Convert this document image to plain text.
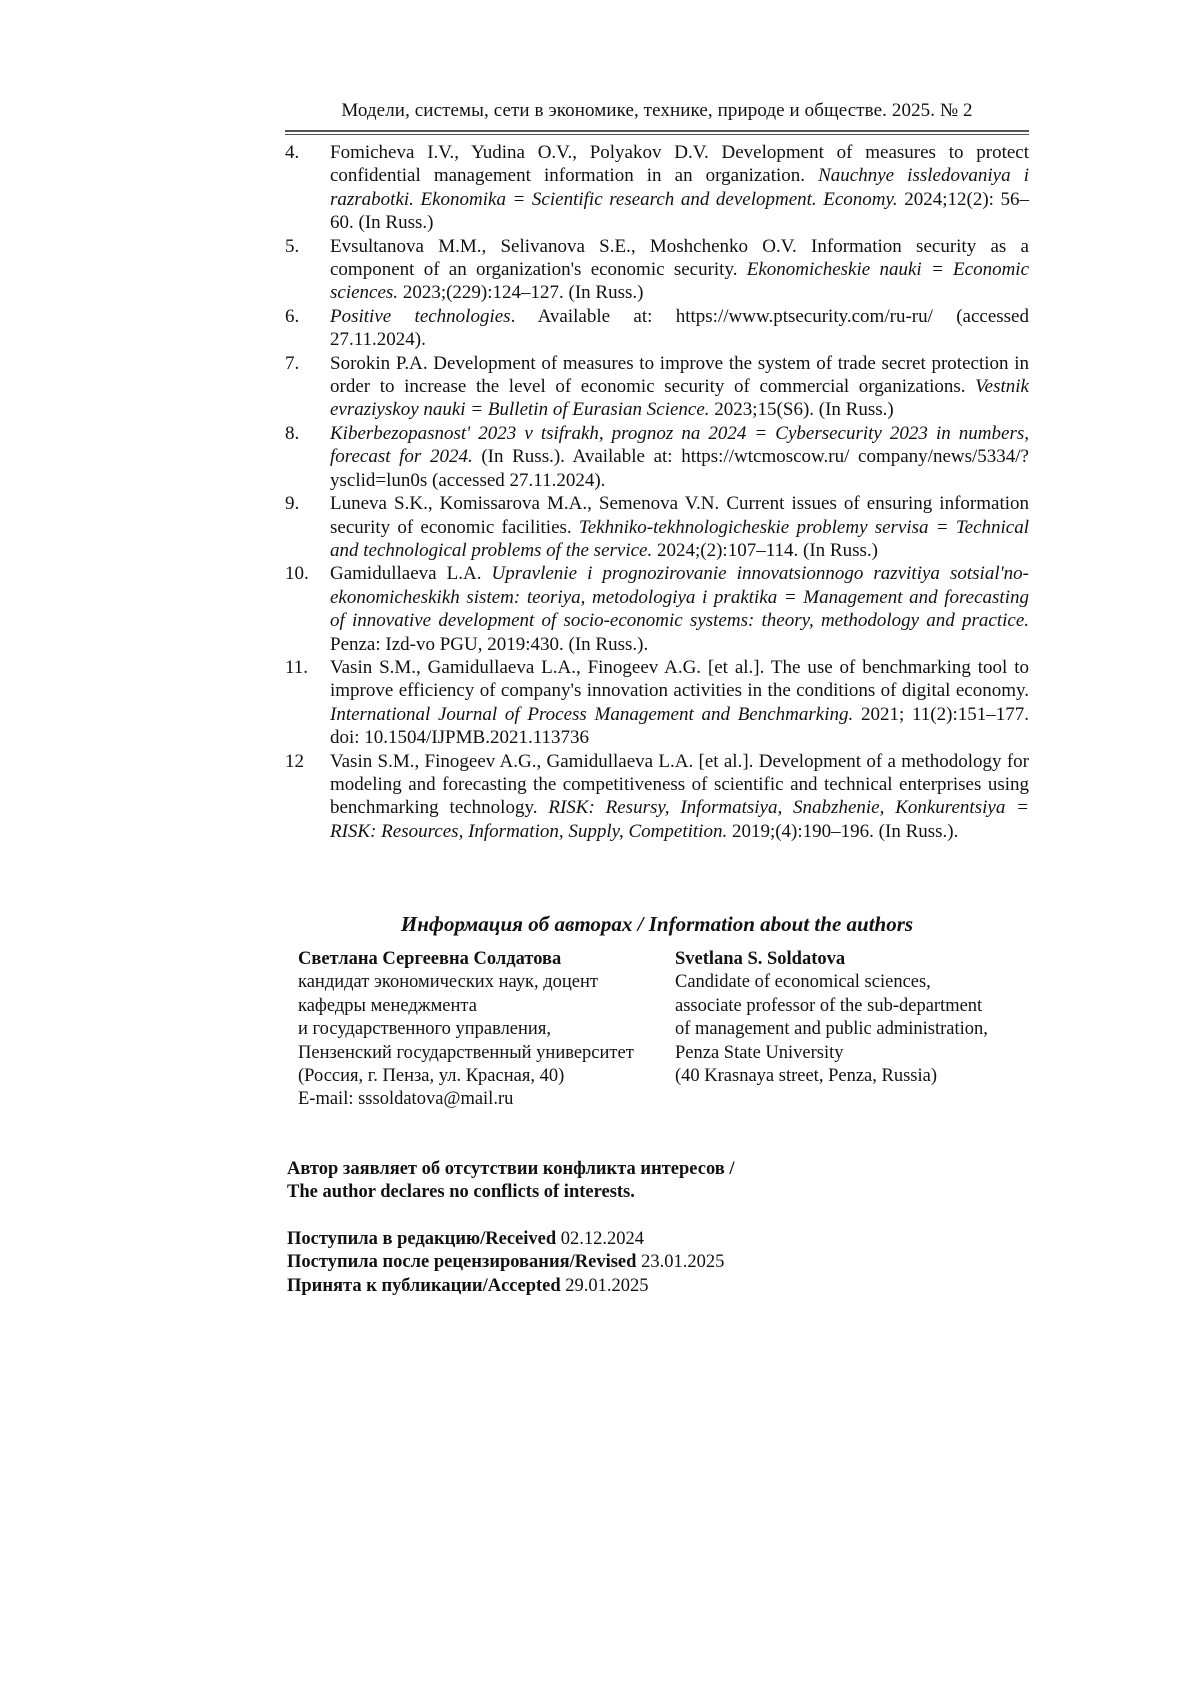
Модели, системы, сети в экономике, технике, природе и обществе. 2025. № 2
4.	Fomicheva I.V., Yudina O.V., Polyakov D.V. Development of measures to protect confidential management information in an organization. Nauchnye issledovaniya i razrabotki. Ekonomika = Scientific research and development. Economy. 2024;12(2): 56–60. (In Russ.)
5.	Evsultanova M.M., Selivanova S.E., Moshchenko O.V. Information security as a component of an organization's economic security. Ekonomicheskie nauki = Economic sciences. 2023;(229):124–127. (In Russ.)
6.	Positive technologies. Available at: https://www.ptsecurity.com/ru-ru/ (accessed 27.11.2024).
7.	Sorokin P.A. Development of measures to improve the system of trade secret protection in order to increase the level of economic security of commercial organizations. Vestnik evraziyskoy nauki = Bulletin of Eurasian Science. 2023;15(S6). (In Russ.)
8.	Kiberbezopasnost' 2023 v tsifrakh, prognoz na 2024 = Cybersecurity 2023 in numbers, forecast for 2024. (In Russ.). Available at: https://wtcmoscow.ru/ company/news/5334/?ysclid=lun0s (accessed 27.11.2024).
9.	Luneva S.K., Komissarova M.A., Semenova V.N. Current issues of ensuring information security of economic facilities. Tekhniko-tekhnologicheskie problemy servisa = Technical and technological problems of the service. 2024;(2):107–114. (In Russ.)
10.	Gamidullaeva L.A. Upravlenie i prognozirovanie innovatsionnogo razvitiya sotsial'no-ekonomicheskikh sistem: teoriya, metodologiya i praktika = Management and forecasting of innovative development of socio-economic systems: theory, methodology and practice. Penza: Izd-vo PGU, 2019:430. (In Russ.).
11.	Vasin S.M., Gamidullaeva L.A., Finogeev A.G. [et al.]. The use of benchmarking tool to improve efficiency of company's innovation activities in the conditions of digital economy. International Journal of Process Management and Benchmarking. 2021; 11(2):151–177. doi: 10.1504/IJPMB.2021.113736
12	Vasin S.M., Finogeev A.G., Gamidullaeva L.A. [et al.]. Development of a methodology for modeling and forecasting the competitiveness of scientific and technical enterprises using benchmarking technology. RISK: Resursy, Informatsiya, Snabzhenie, Konkurentsiya = RISK: Resources, Information, Supply, Competition. 2019;(4):190–196. (In Russ.).
Информация об авторах / Information about the authors
Светлана Сергеевна Солдатова
кандидат экономических наук, доцент
кафедры менеджмента
и государственного управления,
Пензенский государственный университет
(Россия, г. Пенза, ул. Красная, 40)
E-mail: sssoldatova@mail.ru
Svetlana S. Soldatova
Candidate of economical sciences,
associate professor of the sub-department
of management and public administration,
Penza State University
(40 Krasnaya street, Penza, Russia)
Автор заявляет об отсутствии конфликта интересов /
The author declares no conflicts of interests.
Поступила в редакцию/Received 02.12.2024
Поступила после рецензирования/Revised 23.01.2025
Принята к публикации/Accepted 29.01.2025
